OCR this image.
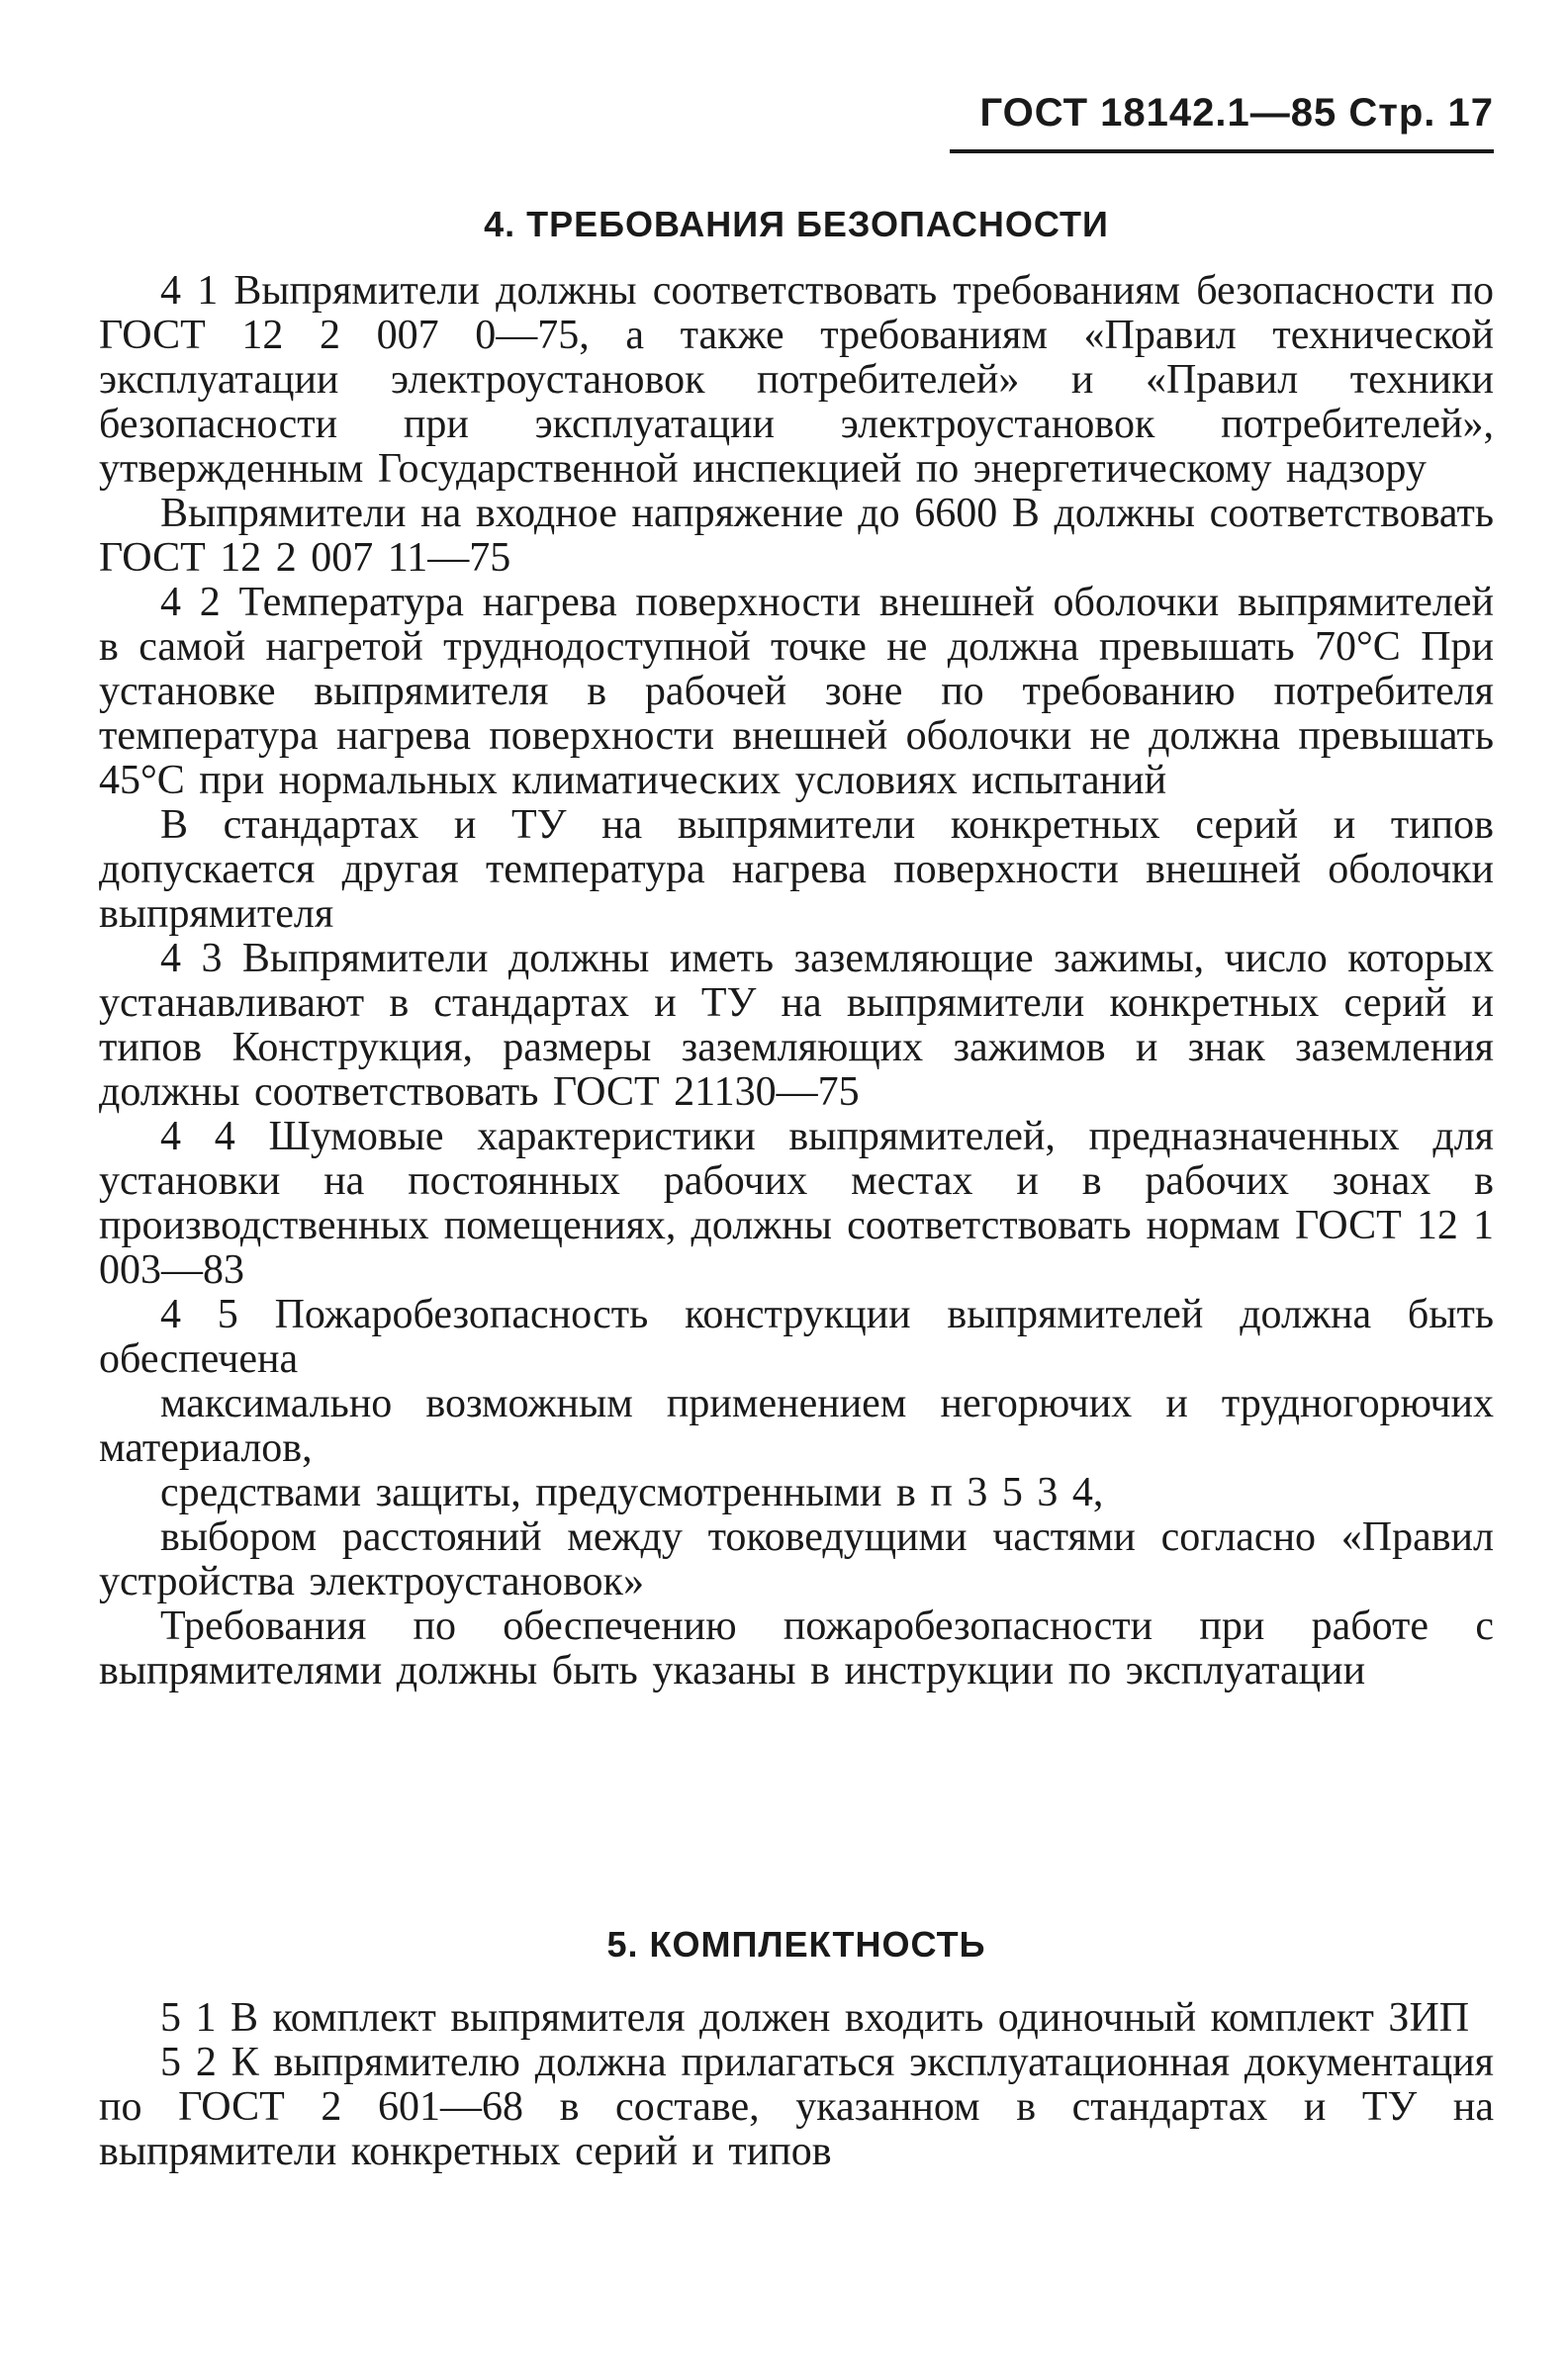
ГОСТ 18142.1—85 Стр. 17
4. ТРЕБОВАНИЯ БЕЗОПАСНОСТИ

4 1 Выпрямители должны соответствовать требованиям безопасности по ГОСТ 12 2 007 0—75, а также требованиям «Правил технической эксплуатации электроустановок потребителей» и «Правил техники безопасности при эксплуатации электроустановок потребителей», утвержденным Государственной инспекцией по энергетическому надзору

Выпрямители на входное напряжение до 6600 В должны соответствовать ГОСТ 12 2 007 11—75

4 2 Температура нагрева поверхности внешней оболочки выпрямителей в самой нагретой труднодоступной точке не должна превышать 70°С При установке выпрямителя в рабочей зоне по требованию потребителя температура нагрева поверхности внешней оболочки не должна превышать 45°С при нормальных климатических условиях испытаний

В стандартах и ТУ на выпрямители конкретных серий и типов допускается другая температура нагрева поверхности внешней оболочки выпрямителя

4 3 Выпрямители должны иметь заземляющие зажимы, число которых устанавливают в стандартах и ТУ на выпрямители конкретных серий и типов Конструкция, размеры заземляющих зажимов и знак заземления должны соответствовать ГОСТ 21130—75

4 4 Шумовые характеристики выпрямителей, предназначенных для установки на постоянных рабочих местах и в рабочих зонах в производственных помещениях, должны соответствовать нормам ГОСТ 12 1 003—83

4 5 Пожаробезопасность конструкции выпрямителей должна быть обеспечена

максимально возможным применением негорючих и трудногорючих материалов,

средствами защиты, предусмотренными в п 3 5 3 4,

выбором расстояний между токоведущими частями согласно «Правил устройства электроустановок»

Требования по обеспечению пожаробезопасности при работе с выпрямителями должны быть указаны в инструкции по эксплуатации

5. КОМПЛЕКТНОСТЬ

5 1 В комплект выпрямителя должен входить одиночный комплект ЗИП

5 2 К выпрямителю должна прилагаться эксплуатационная документация по ГОСТ 2 601—68 в составе, указанном в стандартах и ТУ на выпрямители конкретных серий и типов
